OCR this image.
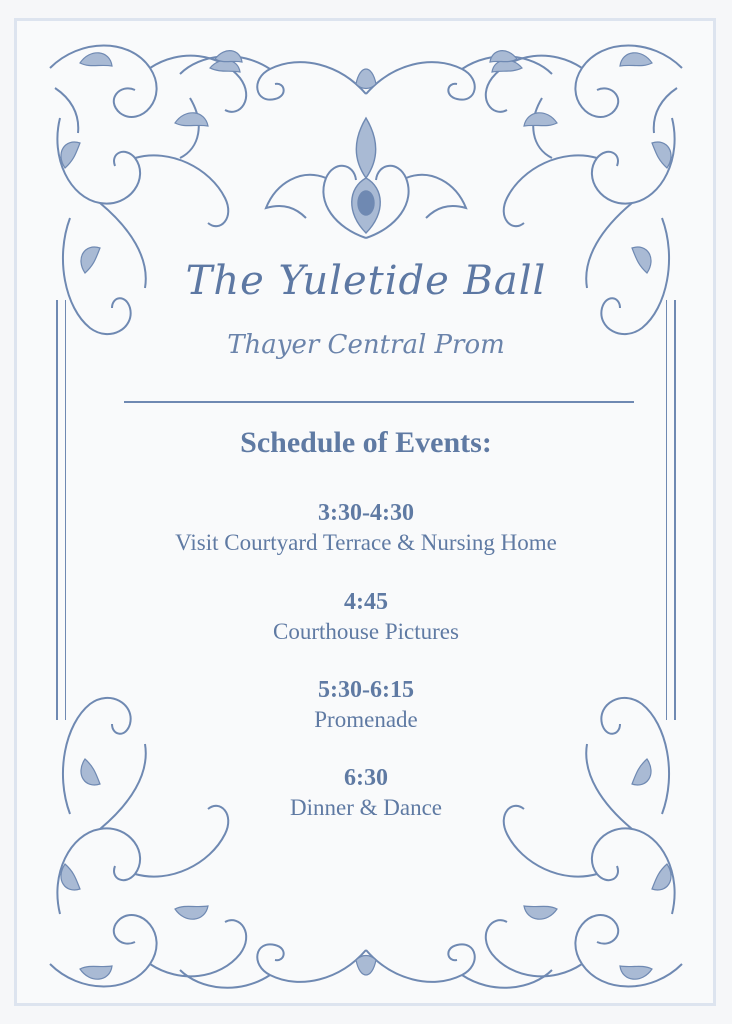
The Yuletide Ball
Thayer Central Prom
Schedule of Events:
3:30-4:30
Visit Courtyard Terrace & Nursing Home
4:45
Courthouse Pictures
5:30-6:15
Promenade
6:30
Dinner & Dance
